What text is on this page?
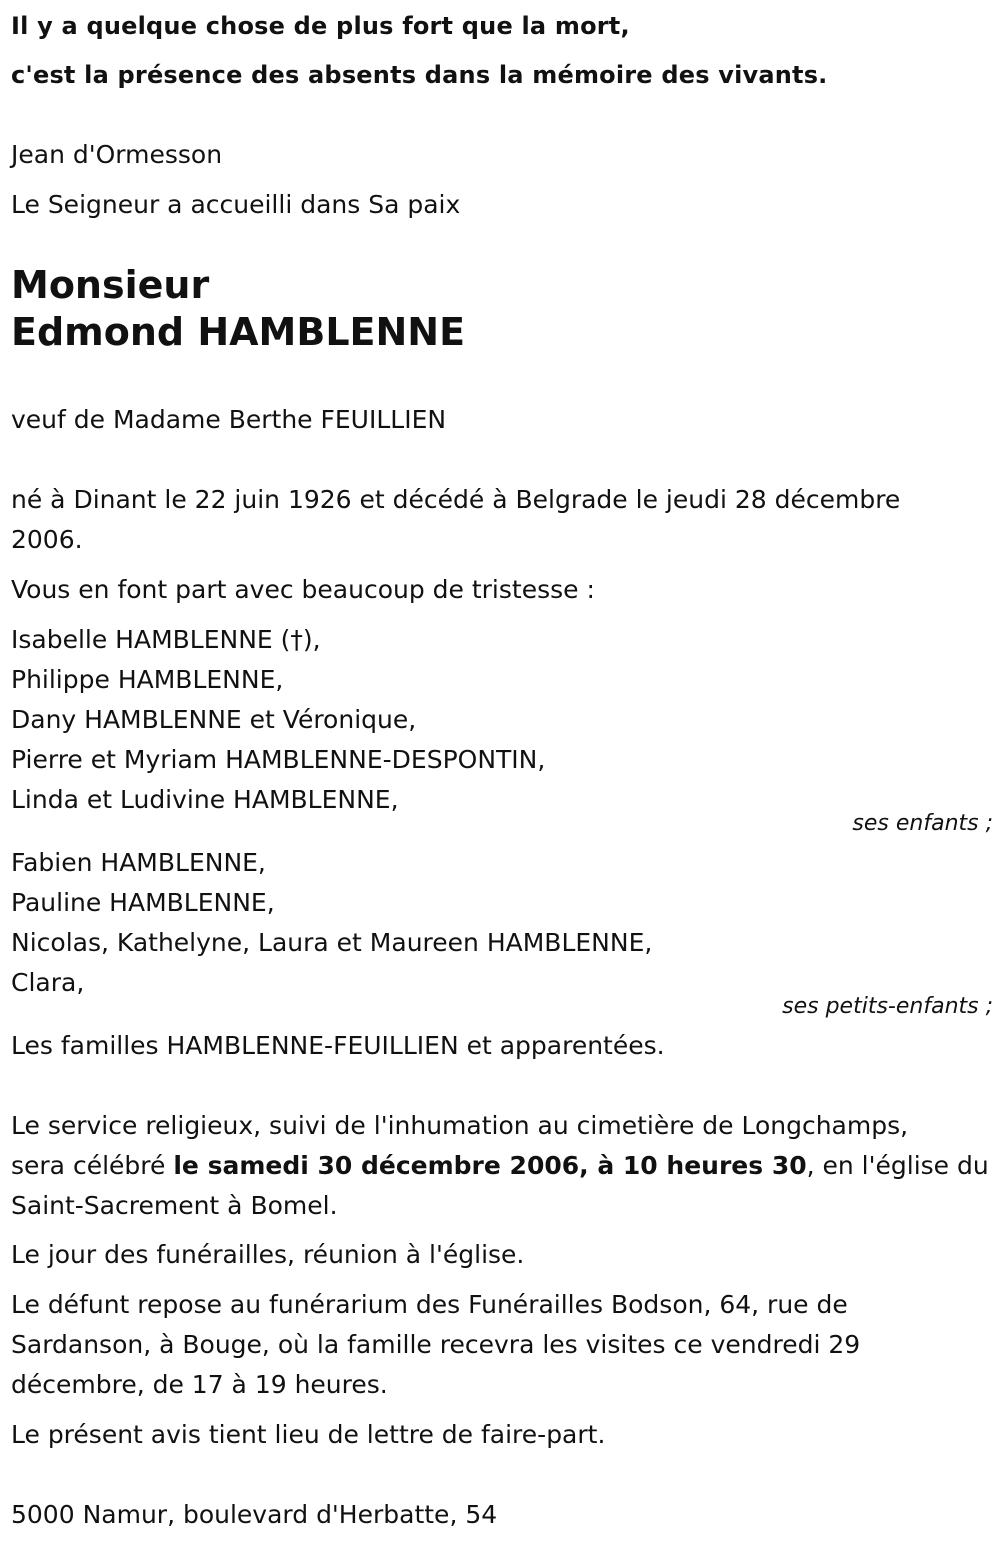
Il y a quelque chose de plus fort que la mort,
c'est la présence des absents dans la mémoire des vivants.
Jean d'Ormesson
Le Seigneur a accueilli dans Sa paix
Monsieur
Edmond HAMBLENNE
veuf de Madame Berthe FEUILLIEN
né à Dinant le 22 juin 1926 et décédé à Belgrade le jeudi 28 décembre
2006.
Vous en font part avec beaucoup de tristesse :
Isabelle HAMBLENNE (†),
Philippe HAMBLENNE,
Dany HAMBLENNE et Véronique,
Pierre et Myriam HAMBLENNE-DESPONTIN,
Linda et Ludivine HAMBLENNE,
ses enfants ;
Fabien HAMBLENNE,
Pauline HAMBLENNE,
Nicolas, Kathelyne, Laura et Maureen HAMBLENNE,
Clara,
ses petits-enfants ;
Les familles HAMBLENNE-FEUILLIEN et apparentées.
Le service religieux, suivi de l'inhumation au cimetière de Longchamps,
sera célébré le samedi 30 décembre 2006, à 10 heures 30, en l'église du
Saint-Sacrement à Bomel.
Le jour des funérailles, réunion à l'église.
Le défunt repose au funérarium des Funérailles Bodson, 64, rue de
Sardanson, à Bouge, où la famille recevra les visites ce vendredi 29
décembre, de 17 à 19 heures.
Le présent avis tient lieu de lettre de faire-part.
5000 Namur, boulevard d'Herbatte, 54
